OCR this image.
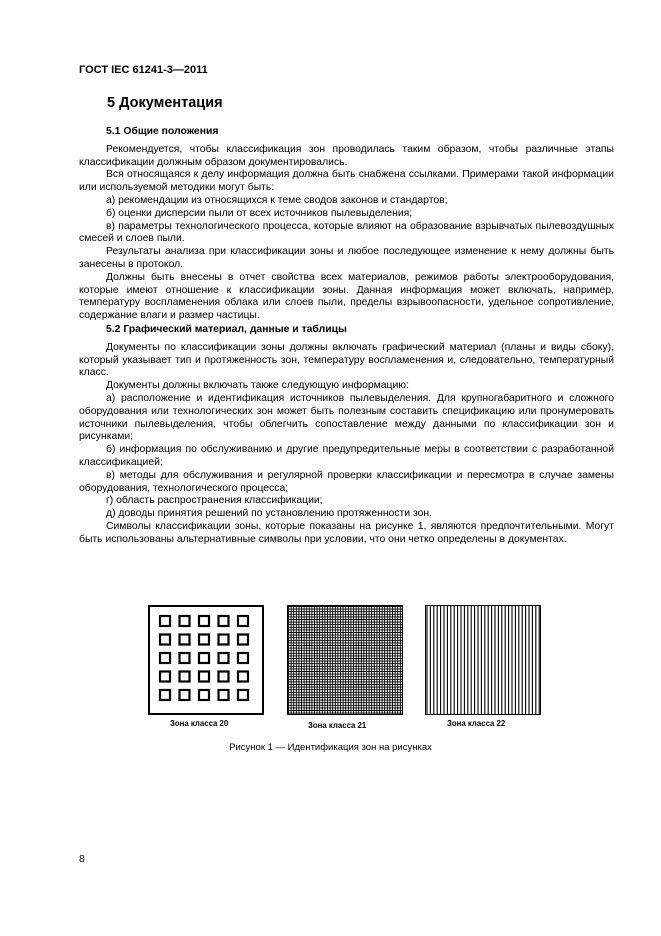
ГОСТ IEC 61241-3—2011
5 Документация

5.1 Общие положения

Рекомендуется, чтобы классификация зон проводилась таким образом, чтобы различные этапы классификации должным образом документировались.

Вся относящаяся к делу информация должна быть снабжена ссылками. Примерами такой информации или используемой методики могут быть:

а) рекомендации из относящихся к теме сводов законов и стандартов;

б) оценки дисперсии пыли от всех источников пылевыделения;

в) параметры технологического процесса, которые влияют на образование взрывчатых пылевоздушных смесей и слоев пыли.

Результаты анализа при классификации зоны и любое последующее изменение к нему должны быть занесены в протокол.

Должны быть внесены в отчет свойства всех материалов, режимов работы электрооборудования, которые имеют отношение к классификации зоны. Данная информация может включать, например, температуру воспламенения облака или слоев пыли, пределы взрывоопасности, удельное сопротивление, содержание влаги и размер частицы.

5.2 Графический материал, данные и таблицы

Документы по классификации зоны должны включать графический материал (планы и виды сбоку), который указывает тип и протяженность зон, температуру воспламенения и, следовательно, температурный класс.

Документы должны включать также следующую информацию:

а) расположение и идентификация источников пылевыделения. Для крупногабаритного и сложного оборудования или технологических зон может быть полезным составить спецификацию или пронумеровать источники пылевыделения, чтобы облегчить сопоставление между данными по классификации зон и рисунками;

б) информация по обслуживанию и другие предупредительные меры в соответствии с разработанной классификацией;

в) методы для обслуживания и регулярной проверки классификации и пересмотра в случае замены оборудования, технологического процесса;

г) область распространения классификации;

д) доводы принятия решений по установлению протяженности зон.

Символы классификации зоны, которые показаны на рисунке 1, являются предпочтительными. Могут быть использованы альтернативные символы при условии, что они четко определены в документах.

Зона класса 20	Зона класса 21	Зона класса 22
Рисунок 1 — Идентификация зон на рисунках
8
